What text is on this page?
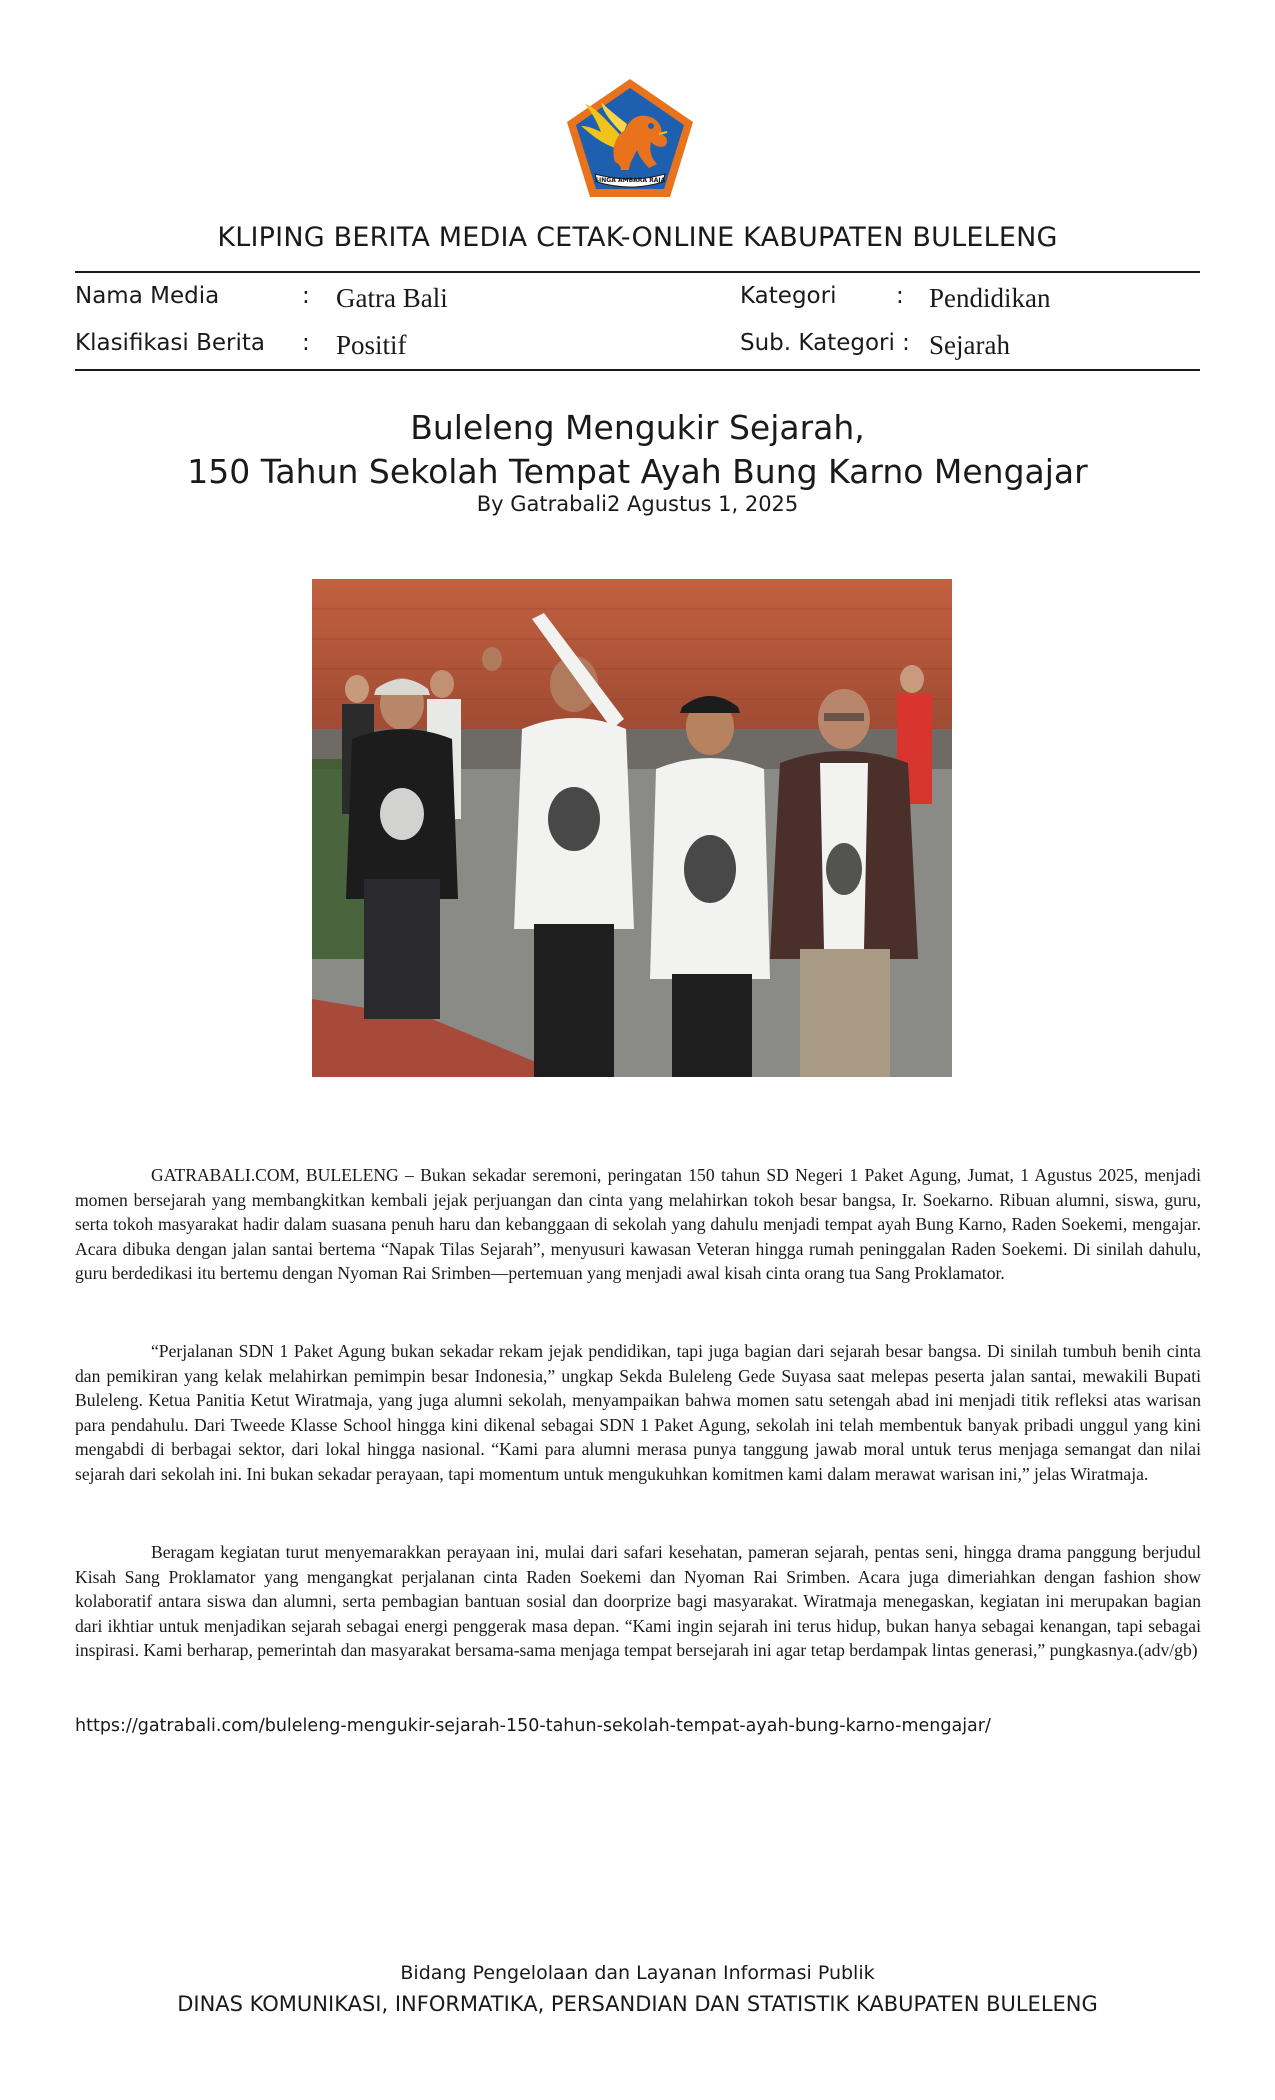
SINGA AMBARA RAJA
KLIPING BERITA MEDIA CETAK-ONLINE KABUPATEN BULELENG
Nama Media	: Gatra Bali
Klasifikasi Berita : Positif
Kategori	: Pendidikan
Sub. Kategori : Sejarah
Buleleng Mengukir Sejarah,
150 Tahun Sekolah Tempat Ayah Bung Karno Mengajar
By Gatrabali2 Agustus 1, 2025

GATRABALI.COM, BULELENG – Bukan sekadar seremoni, peringatan 150 tahun SD Negeri 1 Paket Agung, Jumat, 1 Agustus 2025, menjadi momen bersejarah yang membangkitkan kembali jejak perjuangan dan cinta yang melahirkan tokoh besar bangsa, Ir. Soekarno. Ribuan alumni, siswa, guru, serta tokoh masyarakat hadir dalam suasana penuh haru dan kebanggaan di sekolah yang dahulu menjadi tempat ayah Bung Karno, Raden Soekemi, mengajar. Acara dibuka dengan jalan santai bertema “Napak Tilas Sejarah”, menyusuri kawasan Veteran hingga rumah peninggalan Raden Soekemi. Di sinilah dahulu, guru berdedikasi itu bertemu dengan Nyoman Rai Srimben—pertemuan yang menjadi awal kisah cinta orang tua Sang Proklamator.

“Perjalanan SDN 1 Paket Agung bukan sekadar rekam jejak pendidikan, tapi juga bagian dari sejarah besar bangsa. Di sinilah tumbuh benih cinta dan pemikiran yang kelak melahirkan pemimpin besar Indonesia,” ungkap Sekda Buleleng Gede Suyasa saat melepas peserta jalan santai, mewakili Bupati Buleleng. Ketua Panitia Ketut Wiratmaja, yang juga alumni sekolah, menyampaikan bahwa momen satu setengah abad ini menjadi titik refleksi atas warisan para pendahulu. Dari Tweede Klasse School hingga kini dikenal sebagai SDN 1 Paket Agung, sekolah ini telah membentuk banyak pribadi unggul yang kini mengabdi di berbagai sektor, dari lokal hingga nasional. “Kami para alumni merasa punya tanggung jawab moral untuk terus menjaga semangat dan nilai sejarah dari sekolah ini. Ini bukan sekadar perayaan, tapi momentum untuk mengukuhkan komitmen kami dalam merawat warisan ini,” jelas Wiratmaja.

Beragam kegiatan turut menyemarakkan perayaan ini, mulai dari safari kesehatan, pameran sejarah, pentas seni, hingga drama panggung berjudul Kisah Sang Proklamator yang mengangkat perjalanan cinta Raden Soekemi dan Nyoman Rai Srimben. Acara juga dimeriahkan dengan fashion show kolaboratif antara siswa dan alumni, serta pembagian bantuan sosial dan doorprize bagi masyarakat. Wiratmaja menegaskan, kegiatan ini merupakan bagian dari ikhtiar untuk menjadikan sejarah sebagai energi penggerak masa depan. “Kami ingin sejarah ini terus hidup, bukan hanya sebagai kenangan, tapi sebagai inspirasi. Kami berharap, pemerintah dan masyarakat bersama-sama menjaga tempat bersejarah ini agar tetap berdampak lintas generasi,” pungkasnya.(adv/gb)

https://gatrabali.com/buleleng-mengukir-sejarah-150-tahun-sekolah-tempat-ayah-bung-karno-mengajar/
Bidang Pengelolaan dan Layanan Informasi Publik
DINAS KOMUNIKASI, INFORMATIKA, PERSANDIAN DAN STATISTIK KABUPATEN BULELENG
